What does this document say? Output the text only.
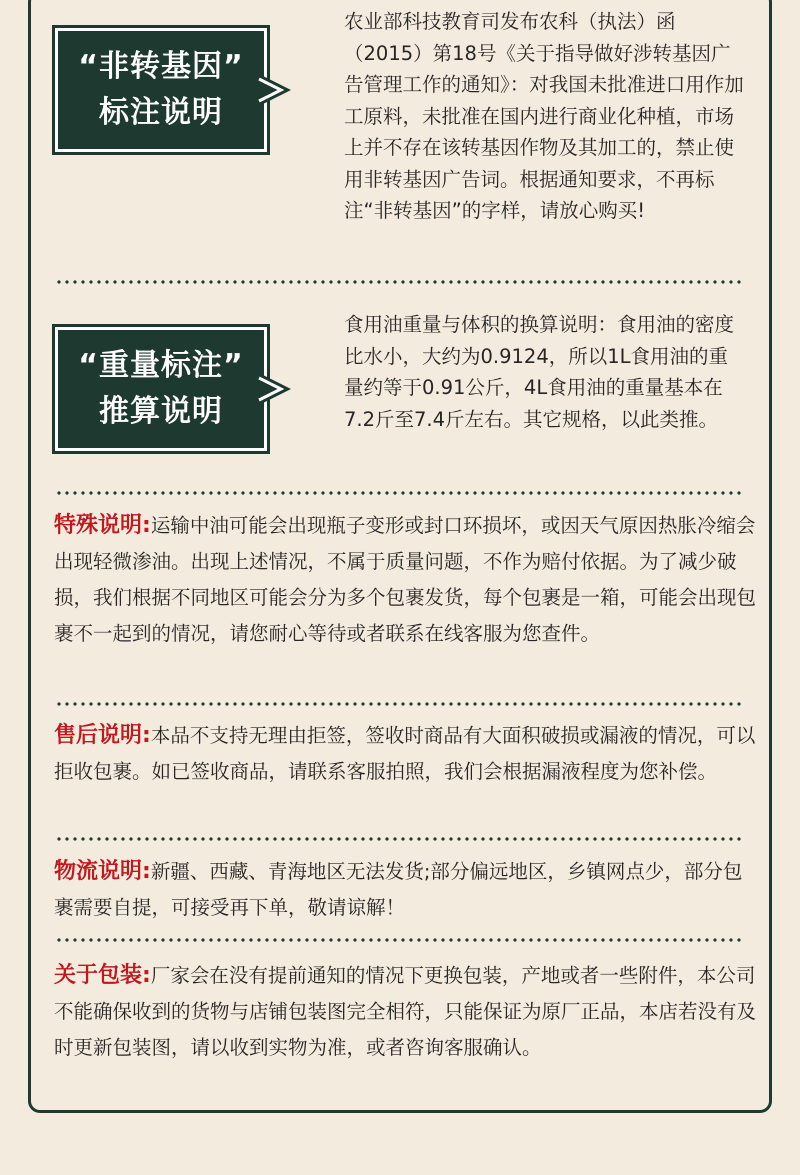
“非转基因”
标注说明
农业部科技教育司发布农科（执法）函（2015）第18号《关于指导做好涉转基因广告管理工作的通知》：对我国未批准进口用作加工原料，未批准在国内进行商业化种植，市场上并不存在该转基因作物及其加工的，禁止使用非转基因广告词。根据通知要求，不再标注“非转基因”的字样，请放心购买!
“重量标注”
推算说明
食用油重量与体积的换算说明：食用油的密度比水小，大约为0.9124，所以1L食用油的重量约等于0.91公斤，4L食用油的重量基本在7.2斤至7.4斤左右。其它规格，以此类推。
特殊说明:运输中油可能会出现瓶子变形或封口环损坏，或因天气原因热胀冷缩会出现轻微渗油。出现上述情况，不属于质量问题，不作为赔付依据。为了减少破损，我们根据不同地区可能会分为多个包裹发货，每个包裹是一箱，可能会出现包裹不一起到的情况，请您耐心等待或者联系在线客服为您查件。
售后说明:本品不支持无理由拒签，签收时商品有大面积破损或漏液的情况，可以拒收包裹。如已签收商品，请联系客服拍照，我们会根据漏液程度为您补偿。
物流说明:新疆、西藏、青海地区无法发货;部分偏远地区，乡镇网点少，部分包裹需要自提，可接受再下单，敬请谅解！
关于包装:厂家会在没有提前通知的情况下更换包装，产地或者一些附件，本公司不能确保收到的货物与店铺包装图完全相符，只能保证为原厂正品，本店若没有及时更新包装图，请以收到实物为准，或者咨询客服确认。
